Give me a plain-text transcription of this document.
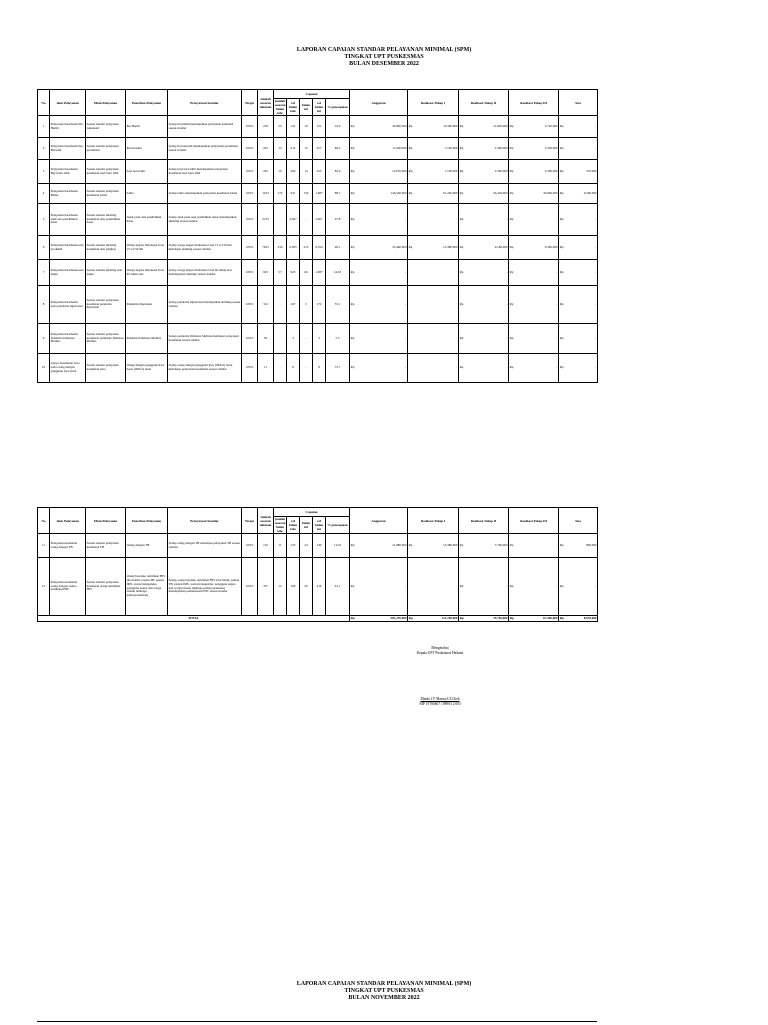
LAPORAN CAPAIAN STANDAR PELAYANAN MINIMAL (SPM)
TINGKAT UPT PUSKESMAS
BULAN DESEMBER 2022
No	Jenis Pelayanan	Mutu Pelayanan	Penerima Pelayanan	Pernyataan Standar	Target	Jumlah sasaran tahunan	Capaian					Anggaran		Realisasi Tahap I		Realisasi Tahap II		Realisasi Tahap III		Sisa	
							jumlah sasaran bulan lalu	s/d bulan lalu	bulan ini	s/d bulan ini	% pencapaian										
1	Pelayanan Kesehatan Ibu Hamil	Sesuai standar pelayanan Antenatal	Ibu Hamil	Setiap ibu hamil mendapatkan pelayanan antenatal sesuai standar	100%	256	25	141	10	151	35.9	Rp	34,800,000	Rp	16,360,000	Rp	12,920,000	Rp	2,720,000	Rp	-
2	Pelayanan Kesehatan Ibu Bersalin	Sesuai standar pelayanan persalinan	Ibu bersalin	Setiap ibu bersalin mendapatkan pelayanan persalinan sesuai standar	100%	245	15	212	15	227	80.2	Rp	11,900,000	Rp	7,100,000	Rp	2,300,000	Rp	2,500,000	Rp	-
3	Pelayanan Kesehatan Bayi baru lahir	Sesuai standar pelayanan kesehatan bayi baru lahir	bayi baru lahir	Setiap bayi baru lahir mendapatkan pelayanan kesehatan bayi baru lahir	100%	245	16	209	14	223	82.9	Rp	12,070,000	Rp	7,100,000	Rp	2,300,000	Rp	2,300,000	Rp	370,000
4	Pelayanan Kesehatan Balita	Sesuai standar pelayanan kesehatan balita	balita	Setiap balita mendapatkan pelayanan kesehatan balita	100%	1223	175	931	156	1,087	88.7	Rp	143,560,000	Rp	61,240,000	Rp	43,220,000	Rp	30,600,000	Rp	6,500,000
5	Pelayanan Kesehatan anak usia pendidikan dasar	Sesuai standar skrining kesehatan usia pendidikan dasar	Anak pada usia pendidikan dasar	Setiap anak pada usia pendidikan dasar mendapatkan skrining sesuai standar	100%	2135	-	2,067	-	2,067	97.8	Rp	-			Rp	-	Rp	-	Rp	-
6	Pelayanan Kesehatan usia produktif	Sesuai standar skrining kesehatan usia (angka)	Warga negara Indonesia Usia 15 s/d 59 thn	Setiap warga negara Indonesia Usia 15 s/d 59 thn mendapat skrining sesuai standar	100%	7623	256	6,585	215	6,764	90.1	Rp	33,460,000	Rp	13,380,000	Rp	9,180,000	Rp	9,300,000	Rp	-
7	Pelayanan Kesehatan usia lanjut	Sesuai standar skrining usia lanjut	Warga negara Indonesia Usia 60 tahun atas	Setiap warga negara Indonesia Usia 60 tahun atas mendapatkan skrining sesuai standar	100%	923	57	923	66	1,087	122.8	Rp	-			Rp	-	Rp	-	Rp	-
8	Pelayanan Kesehatan pada penderita hipertensi	Sesuai standar pelayanan kesehatan penderita hipertensi	Penderita hipertensi	Setiap penderita hipertensi mendapatkan skrining sesuai standar	100%	312	-	167	5	172	55.1	Rp	-			Rp	-	Rp	-	Rp	-
9	Pelayanan Kesehatan Penderita Diabetes Melitus	Sesuai standar pelayanan kesehatan penderita Diabetes Melitus	Penderita Diabetes Melitus	Setiap penderita Diabetes Melitus mendapat pelayanan kesehatan sesuai standar	100%	56	-	3	-	3	5.5	Rp	-			Rp	-	Rp	-	Rp	-
10	Upaya Kesehatan Jiwa pada orang dengan gangguan jiwa berat	Sesuai standar pelayanan kesehatan jiwa	Orang dengan gangguan jiwa berat (ODGJ) berat	Setiap orang dengan gangguan jiwa (ODGJ) berat mendapat pelayanan kesehatan sesuai standar	100%	11	-	8	-	8	72.7	Rp	-			Rp	-	Rp	-	Rp	-
No	Jenis Pelayanan	Mutu Pelayanan	Penerima Pelayanan	Pernyataan Standar	Target	Jumlah sasaran tahunan	Capaian					Anggaran		Realisasi Tahap I		Realisasi Tahap II		Realisasi Tahap III		Sisa	
							jumlah sasaran bulan lalu	s/d bulan lalu	bulan ini	s/d bulan ini	% pencapaian										
11	Pelayanan kesehatan orang dengan TB	Sesuai standar pelayanan kesehatan TB	Orang dengan TB	Setiap orang dengan TB mendapat pelayanan TB sesuai standar	100%	132	8	125	24	149	112.9	Rp	21,880,000	Rp	13,380,000	Rp	7,700,000	Rp	-	Rp	800,000
12	Pelayanan kesehatan orang dengan resiko terinfeksi HIV	Sesuai standar pelayanan kesehatan orang terinfeksi HIV	Orang beresiko terinfeksi HIV (ibu hamil, pasien TB, pasien IMS, waria/transgender, pengguna napza dan warga binaan lembaga pemasyarakatan)	Setiap orang beresiko terinfeksi HIV (ibu hamil, pasien TB, pasien IMS, waria/transgender, pengguna napza dan warga binaan lembaga pemasyarakatan) mendapatkan pemeriksaan HIV sesuai standar	100%	357	12	196	20	216	61.1	Rp	-			Rp	-	Rp	-	Rp	-
TOTAL												Rp	281,270,000	Rp	121,760,000	Rp	79,740,000	Rp	67,260,000	Rp	8,670,000
Mengetahui
Kepala UPT Puskesmas Haduan
Mindo J F Manru,S.Tr.Keb
NIP 19780607 198903 2 003
LAPORAN CAPAIAN STANDAR PELAYANAN MINIMAL (SPM)
TINGKAT UPT PUSKESMAS
BULAN NOVEMBER 2022
